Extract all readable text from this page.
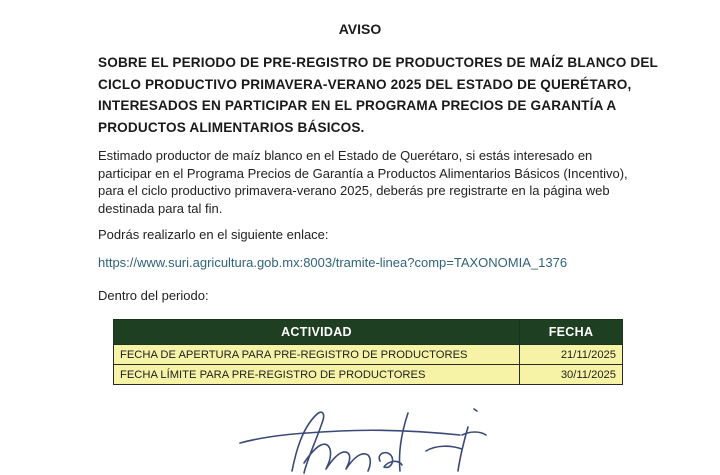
AVISO
SOBRE EL PERIODO DE PRE-REGISTRO DE PRODUCTORES DE MAÍZ BLANCO DEL
CICLO PRODUCTIVO PRIMAVERA-VERANO 2025 DEL ESTADO DE QUERÉTARO,
INTERESADOS EN PARTICIPAR EN EL PROGRAMA PRECIOS DE GARANTÍA A
PRODUCTOS ALIMENTARIOS BÁSICOS.
Estimado productor de maíz blanco en el Estado de Querétaro, si estás interesado en
participar en el Programa Precios de Garantía a Productos Alimentarios Básicos (Incentivo),
para el ciclo productivo primavera-verano 2025, deberás pre registrarte en la página web
destinada para tal fin.
Podrás realizarlo en el siguiente enlace:
https://www.suri.agricultura.gob.mx:8003/tramite-linea?comp=TAXONOMIA_1376
Dentro del periodo:
ACTIVIDAD	FECHA
FECHA DE APERTURA PARA PRE-REGISTRO DE PRODUCTORES	21/11/2025
FECHA LÍMITE PARA PRE-REGISTRO DE PRODUCTORES	30/11/2025
